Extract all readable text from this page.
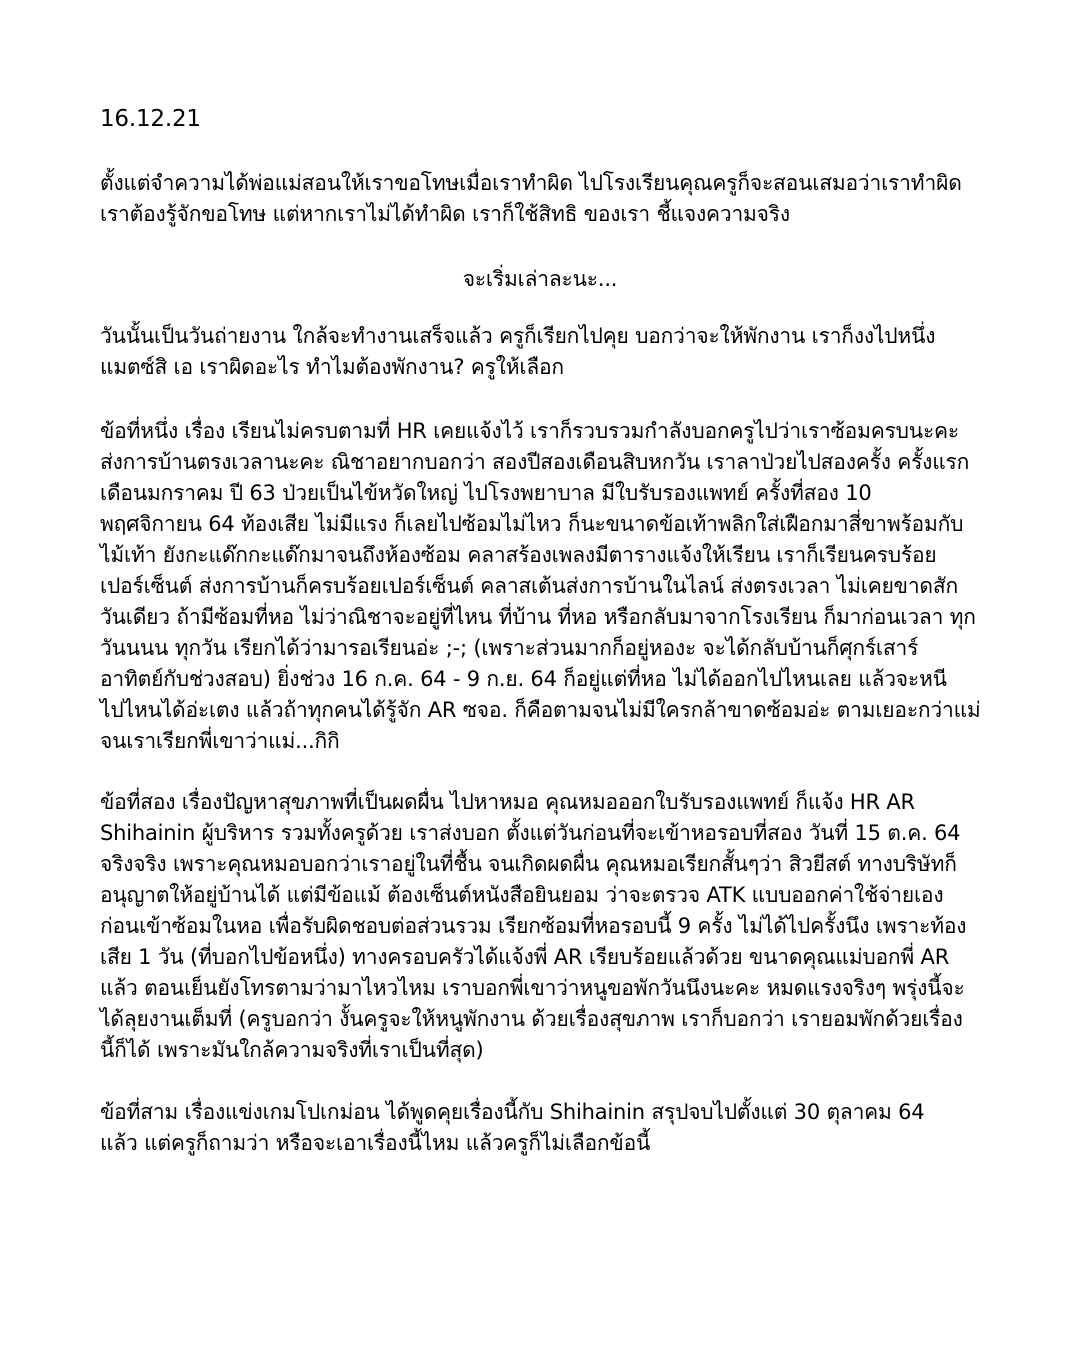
16.12.21
ตั้งแต่จำความได้พ่อแม่สอนให้เราขอโทษเมื่อเราทำผิด ไปโรงเรียนคุณครูก็จะสอนเสมอว่าเราทำผิด
เราต้องรู้จักขอโทษ แต่หากเราไม่ได้ทำผิด เราก็ใช้สิทธิ ของเรา ชี้แจงความจริง
จะเริ่มเล่าละนะ...
วันนั้นเป็นวันถ่ายงาน ใกล้จะทำงานเสร็จแล้ว ครูก็เรียกไปคุย บอกว่าจะให้พักงาน เราก็งงไปหนึ่ง
แมตซ์สิ เอ เราผิดอะไร ทำไมต้องพักงาน? ครูให้เลือก
ข้อที่หนึ่ง เรื่อง เรียนไม่ครบตามที่ HR เคยแจ้งไว้ เราก็รวบรวมกำลังบอกครูไปว่าเราซ้อมครบนะคะ
ส่งการบ้านตรงเวลานะคะ ณิชาอยากบอกว่า สองปีสองเดือนสิบหกวัน เราลาป่วยไปสองครั้ง ครั้งแรก
เดือนมกราคม ปี 63 ป่วยเป็นไข้หวัดใหญ่ ไปโรงพยาบาล มีใบรับรองแพทย์ ครั้งที่สอง 10
พฤศจิกายน 64 ท้องเสีย ไม่มีแรง ก็เลยไปซ้อมไม่ไหว ก็นะขนาดข้อเท้าพลิกใส่เฝือกมาสี่ขาพร้อมกับ
ไม้เท้า ยังกะแด๊กกะแด๊กมาจนถึงห้องซ้อม คลาสร้องเพลงมีตารางแจ้งให้เรียน เราก็เรียนครบร้อย
เปอร์เซ็นต์ ส่งการบ้านก็ครบร้อยเปอร์เซ็นต์ คลาสเต้นส่งการบ้านในไลน์ ส่งตรงเวลา ไม่เคยขาดสัก
วันเดียว ถ้ามีซ้อมที่หอ ไม่ว่าณิชาจะอยู่ที่ไหน ที่บ้าน ที่หอ หรือกลับมาจากโรงเรียน ก็มาก่อนเวลา ทุก
วันนนน ทุกวัน เรียกได้ว่ามารอเรียนอ่ะ ;-; (เพราะส่วนมากก็อยู่หองะ จะได้กลับบ้านก็ศุกร์เสาร์
อาทิตย์กับช่วงสอบ) ยิ่งช่วง 16 ก.ค. 64 - 9 ก.ย. 64 ก็อยู่แต่ที่หอ ไม่ได้ออกไปไหนเลย แล้วจะหนี
ไปไหนได้อ่ะเตง แล้วถ้าทุกคนได้รู้จัก AR ซจอ. ก็คือตามจนไม่มีใครกล้าขาดซ้อมอ่ะ ตามเยอะกว่าแม่
จนเราเรียกพี่เขาว่าแม่...กิกิ
ข้อที่สอง เรื่องปัญหาสุขภาพที่เป็นผดผื่น ไปหาหมอ คุณหมอออกใบรับรองแพทย์ ก็แจ้ง HR AR
Shihainin ผู้บริหาร รวมทั้งครูด้วย เราส่งบอก ตั้งแต่วันก่อนที่จะเข้าหอรอบที่สอง วันที่ 15 ต.ค. 64
จริงจริง เพราะคุณหมอบอกว่าเราอยู่ในที่ชื้น จนเกิดผดผื่น คุณหมอเรียกสั้นๆว่า สิวยีสต์ ทางบริษัทก็
อนุญาตให้อยู่บ้านได้ แต่มีข้อแม้ ต้องเซ็นต์หนังสือยินยอม ว่าจะตรวจ ATK แบบออกค่าใช้จ่ายเอง
ก่อนเข้าซ้อมในหอ เพื่อรับผิดชอบต่อส่วนรวม เรียกซ้อมที่หอรอบนี้ 9 ครั้ง ไม่ได้ไปครั้งนึง เพราะท้อง
เสีย 1 วัน (ที่บอกไปข้อหนึ่ง) ทางครอบครัวได้แจ้งพี่ AR เรียบร้อยแล้วด้วย ขนาดคุณแม่บอกพี่ AR
แล้ว ตอนเย็นยังโทรตามว่ามาไหวไหม เราบอกพี่เขาว่าหนูขอพักวันนึงนะคะ หมดแรงจริงๆ พรุ่งนี้จะ
ได้ลุยงานเต็มที่ (ครูบอกว่า งั้นครูจะให้หนูพักงาน ด้วยเรื่องสุขภาพ เราก็บอกว่า เรายอมพักด้วยเรื่อง
นี้ก็ได้ เพราะมันใกล้ความจริงที่เราเป็นที่สุด)
ข้อที่สาม เรื่องแข่งเกมโปเกม่อน ได้พูดคุยเรื่องนี้กับ Shihainin สรุปจบไปตั้งแต่ 30 ตุลาคม 64
แล้ว แต่ครูก็ถามว่า หรือจะเอาเรื่องนี้ไหม แล้วครูก็ไม่เลือกข้อนี้
